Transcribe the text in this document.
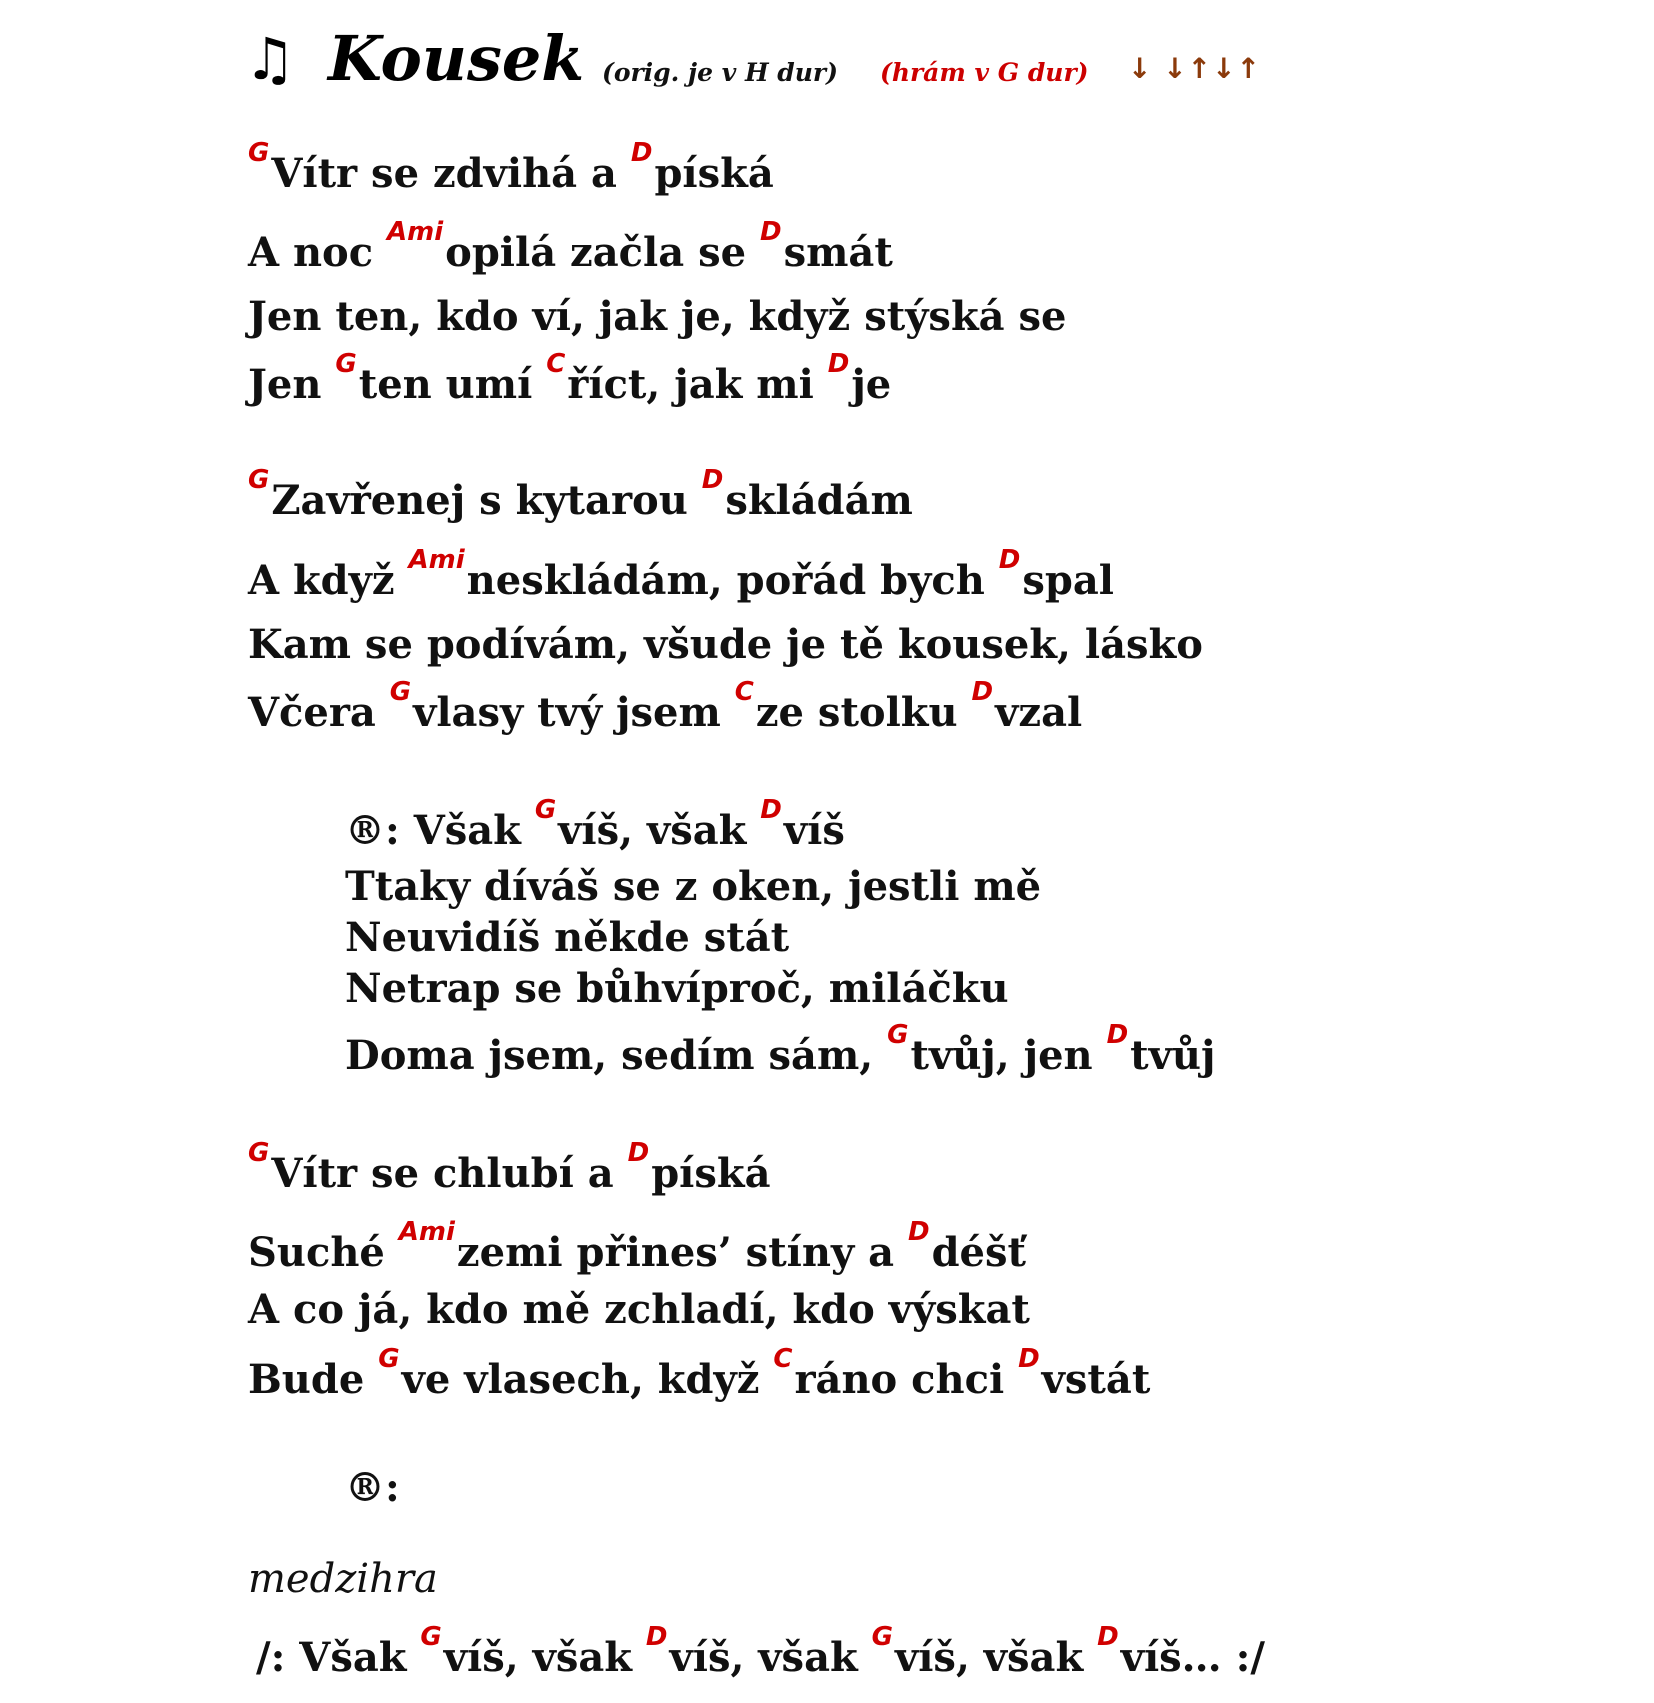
♫ Kousek (orig. je v H dur) (hrám v G dur) ↓ ↓↑↓↑
GVítr se zdvihá a Dpíská
A noc Amiopilá začla se Dsmát
Jen ten, kdo ví, jak je, když stýská se
Jen Gten umí Cříct, jak mi Dje
GZavřenej s kytarou Dskládám
A když Amineskládám, pořád bych Dspal
Kam se podívám, všude je tě kousek, lásko
Včera Gvlasy tvý jsem Cze stolku Dvzal
®: Však Gvíš, však Dvíš
Ttaky díváš se z oken, jestli mě
Neuvidíš někde stát
Netrap se bůhvíproč, miláčku
Doma jsem, sedím sám, Gtvůj, jen Dtvůj
GVítr se chlubí a Dpíská
Suché Amizemi přines’ stíny a Ddéšť
A co já, kdo mě zchladí, kdo výskat
Bude Gve vlasech, když Cráno chci Dvstát
/: Však Gvíš, však Dvíš, však Gvíš, však Dvíš… :/
®:
medzihra
